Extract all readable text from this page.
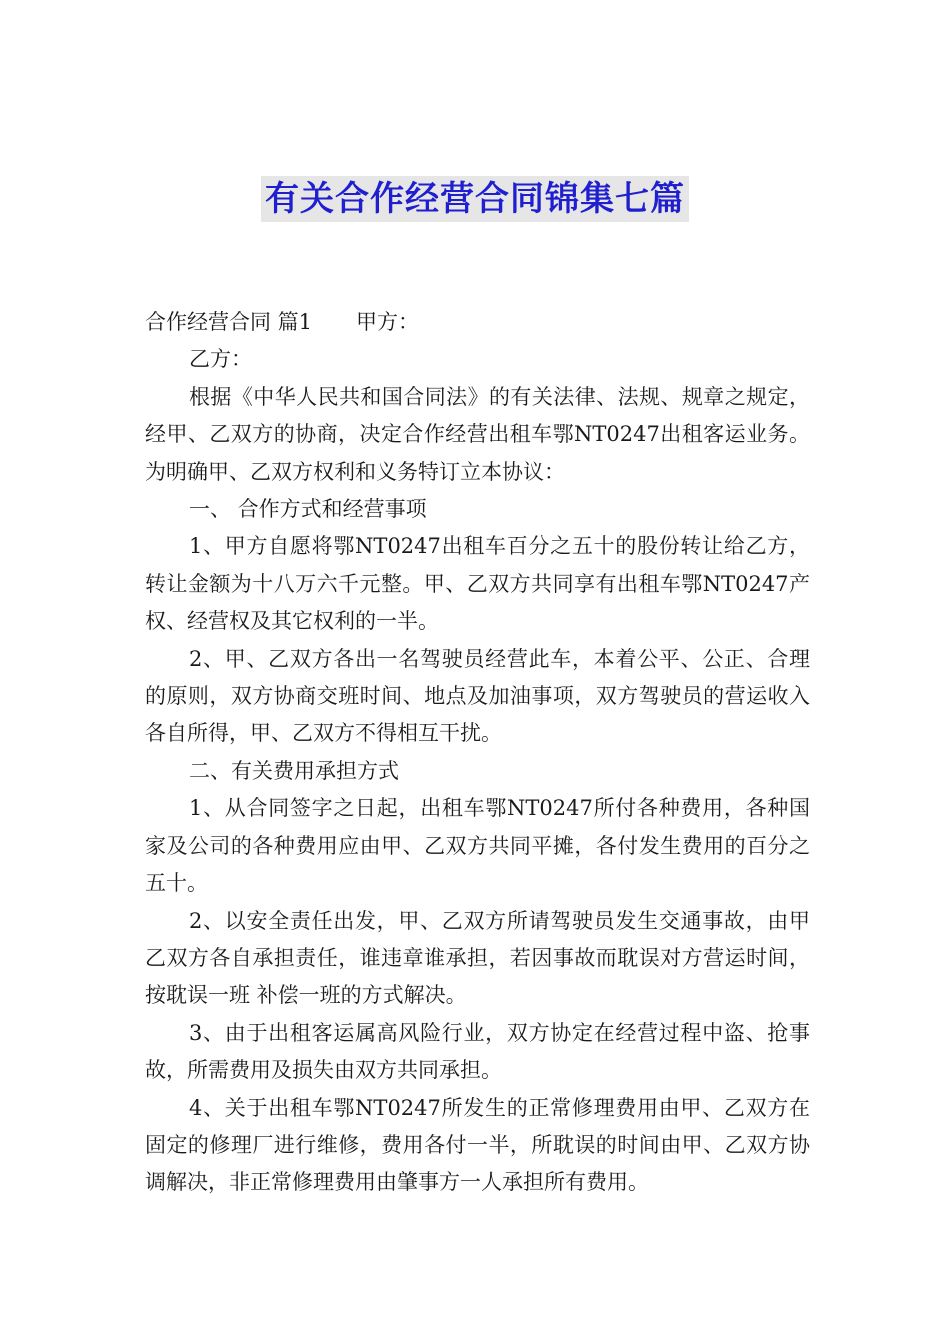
有关合作经营合同锦集七篇

合作经营合同 篇1 甲方：

乙方：

根据《中华人民共和国合同法》的有关法律、法规、规章之规定，经甲、乙双方的协商，决定合作经营出租车鄂NT0247出租客运业务。为明确甲、乙双方权利和义务特订立本协议：

一、 合作方式和经营事项

1、甲方自愿将鄂NT0247出租车百分之五十的股份转让给乙方，转让金额为十八万六千元整。甲、乙双方共同享有出租车鄂NT0247产权、经营权及其它权利的一半。

2、甲、乙双方各出一名驾驶员经营此车，本着公平、公正、合理的原则，双方协商交班时间、地点及加油事项，双方驾驶员的营运收入各自所得，甲、乙双方不得相互干扰。

二、有关费用承担方式

1、从合同签字之日起，出租车鄂NT0247所付各种费用，各种国家及公司的各种费用应由甲、乙双方共同平摊，各付发生费用的百分之五十。

2、以安全责任出发，甲、乙双方所请驾驶员发生交通事故，由甲乙双方各自承担责任，谁违章谁承担，若因事故而耽误对方营运时间，按耽误一班 补偿一班的方式解决。

3、由于出租客运属高风险行业，双方协定在经营过程中盗、抢事故，所需费用及损失由双方共同承担。

4、关于出租车鄂NT0247所发生的正常修理费用由甲、乙双方在固定的修理厂进行维修，费用各付一半，所耽误的时间由甲、乙双方协调解决，非正常修理费用由肇事方一人承担所有费用。
